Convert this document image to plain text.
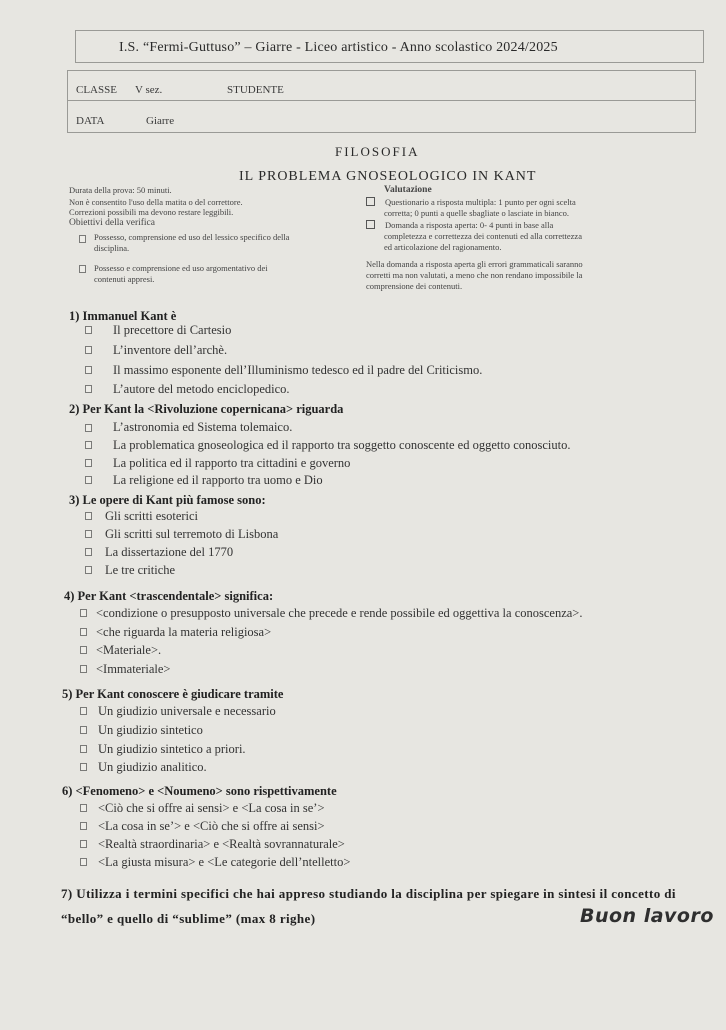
I.S. “Fermi-Guttuso” – Giarre - Liceo artistico - Anno scolastico 2024/2025
CLASSE V sez.	STUDENTE
DATA	Giarre
FILOSOFIA
IL PROBLEMA GNOSEOLOGICO IN KANT
Durata della prova: 50 minuti.
Non è consentito l'uso della matita o del correttore.
Correzioni possibili ma devono restare leggibili.
Obiettivi della verifica
Possesso, comprensione ed uso del lessico specifico della
disciplina.
Possesso e comprensione ed uso argomentativo dei
contenuti appresi.
Valutazione
Questionario a risposta multipla: 1 punto per ogni scelta
corretta; 0 punti a quelle sbagliate o lasciate in bianco.
Domanda a risposta aperta: 0- 4 punti in base alla
completezza e correttezza dei contenuti ed alla correttezza
ed articolazione del ragionamento.
Nella domanda a risposta aperta gli errori grammaticali saranno
corretti ma non valutati, a meno che non rendano impossibile la
comprensione dei contenuti.
1) Immanuel Kant è
Il precettore di Cartesio
L’inventore dell’archè.
Il massimo esponente dell’Illuminismo tedesco ed il padre del Criticismo.
L’autore del metodo enciclopedico.
2) Per Kant la <Rivoluzione copernicana> riguarda
L’astronomia ed Sistema tolemaico.
La problematica gnoseologica ed il rapporto tra soggetto conoscente ed oggetto conosciuto.
La politica ed il rapporto tra cittadini e governo
La religione ed il rapporto tra uomo e Dio
3) Le opere di Kant più famose sono:
Gli scritti esoterici
Gli scritti sul terremoto di Lisbona
La dissertazione del 1770
Le tre critiche
4) Per Kant <trascendentale> significa:
<condizione o presupposto universale che precede e rende possibile ed oggettiva la conoscenza>.
<che riguarda la materia religiosa>
<Materiale>.
<Immateriale>
5) Per Kant conoscere è giudicare tramite
Un giudizio universale e necessario
Un giudizio sintetico
Un giudizio sintetico a priori.
Un giudizio analitico.
6) <Fenomeno> e <Noumeno> sono rispettivamente
<Ciò che si offre ai sensi> e <La cosa in se’>
<La cosa in se’> e <Ciò che si offre ai sensi>
<Realtà straordinaria> e <Realtà sovrannaturale>
<La giusta misura> e <Le categorie dell’ntelletto>
7) Utilizza i termini specifici che hai appreso studiando la disciplina per spiegare in sintesi il concetto di
“bello” e quello di “sublime” (max 8 righe)	Buon lavoro
